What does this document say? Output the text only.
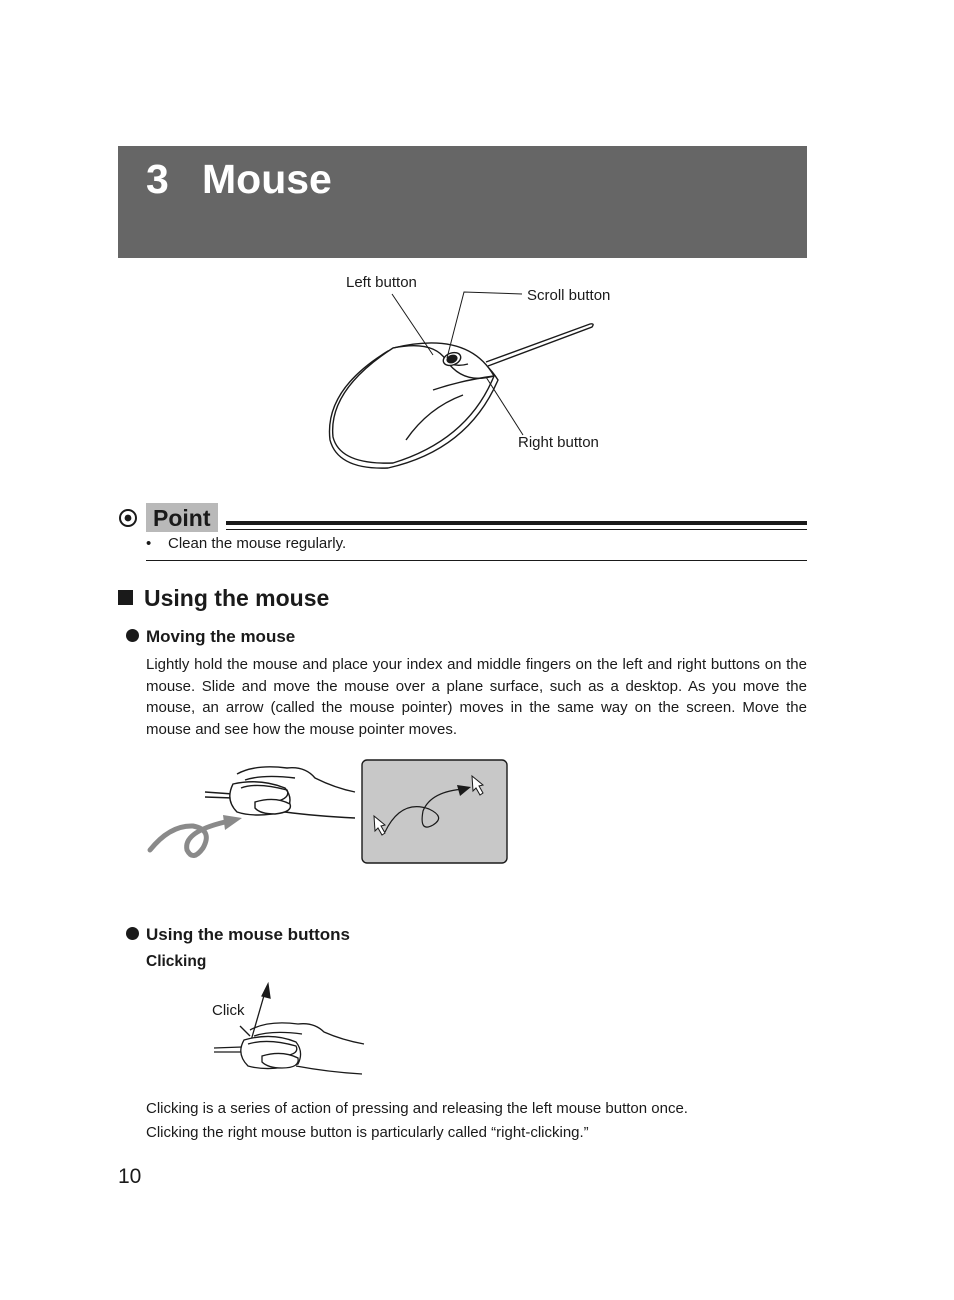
3 Mouse
Left button
Scroll button
Right button
Point
• Clean the mouse regularly.
Using the mouse
Moving the mouse

Lightly hold the mouse and place your index and middle fingers on the left and right buttons on the mouse. Slide and move the mouse over a plane surface, such as a desktop. As you move the mouse, an arrow (called the mouse pointer) moves in the same way on the screen. Move the mouse and see how the mouse pointer moves.

Using the mouse buttons
Clicking
Click
Clicking is a series of action of pressing and releasing the left mouse button once.
Clicking the right mouse button is particularly called “right-clicking.”
10
